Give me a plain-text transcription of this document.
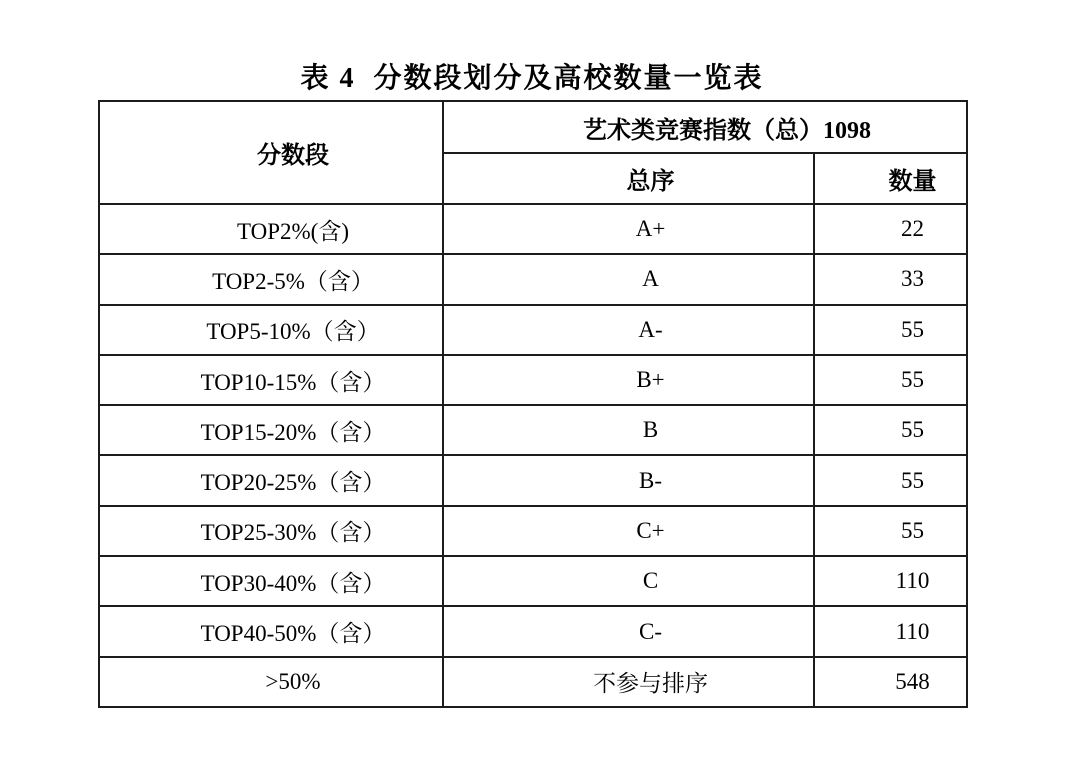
表 4  分数段划分及高校数量一览表
分数段	艺术类竞赛指数（总）1098	
	总序	数量
TOP2%(含)	A+	22
TOP2-5%（含）	A	33
TOP5-10%（含）	A-	55
TOP10-15%（含）	B+	55
TOP15-20%（含）	B	55
TOP20-25%（含）	B-	55
TOP25-30%（含）	C+	55
TOP30-40%（含）	C	110
TOP40-50%（含）	C-	110
>50%	不参与排序	548
